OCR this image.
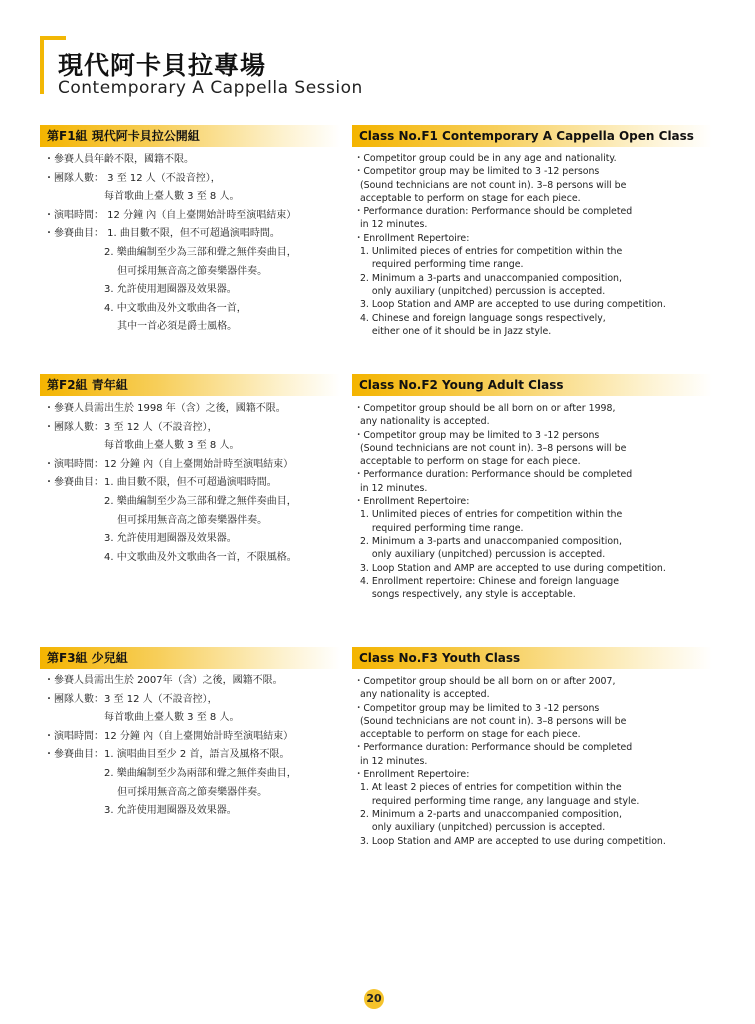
現代阿卡貝拉專場
Contemporary A Cappella Session
第F1組 現代阿卡貝拉公開組	Class No.F1 Contemporary A Cappella Open Class
・參賽人員年齡不限，國籍不限。
・團隊人數： 3 至 12 人（不設音控），
　　　　　　每首歌曲上臺人數 3 至 8 人。
・演唱時間： 12 分鐘 內（自上臺開始計時至演唱結束）
・參賽曲目： 1. 曲目數不限，但不可超過演唱時間。
　　　　　　2. 樂曲編制至少為三部和聲之無伴奏曲目，
　　　　　　　 但可採用無音高之節奏樂器伴奏。
　　　　　　3. 允許使用迴圈器及效果器。
　　　　　　4. 中文歌曲及外文歌曲各一首，
　　　　　　　 其中一首必須是爵士風格。
・Competitor group could be in any age and nationality.
・Competitor group may be limited to 3 -12 persons
(Sound technicians are not count in). 3–8 persons will be
acceptable to perform on stage for each piece.
・Performance duration: Performance should be completed
in 12 minutes.
・Enrollment Repertoire:
1. Unlimited pieces of entries for competition within the
required performing time range.
2. Minimum a 3-parts and unaccompanied composition,
only auxiliary (unpitched) percussion is accepted.
3. Loop Station and AMP are accepted to use during competition.
4. Chinese and foreign language songs respectively,
either one of it should be in Jazz style.
第F2組 青年組	Class No.F2 Young Adult Class
・參賽人員需出生於 1998 年（含）之後，國籍不限。
・團隊人數：3 至 12 人（不設音控），
　　　　　　每首歌曲上臺人數 3 至 8 人。
・演唱時間：12 分鐘 內（自上臺開始計時至演唱結束）
・參賽曲目：1. 曲目數不限，但不可超過演唱時間。
　　　　　　2. 樂曲編制至少為三部和聲之無伴奏曲目，
　　　　　　　 但可採用無音高之節奏樂器伴奏。
　　　　　　3. 允許使用迴圈器及效果器。
　　　　　　4. 中文歌曲及外文歌曲各一首，不限風格。
・Competitor group should be all born on or after 1998,
any nationality is accepted.
・Competitor group may be limited to 3 -12 persons
(Sound technicians are not count in). 3–8 persons will be
acceptable to perform on stage for each piece.
・Performance duration: Performance should be completed
in 12 minutes.
・Enrollment Repertoire:
1. Unlimited pieces of entries for competition within the
required performing time range.
2. Minimum a 3-parts and unaccompanied composition,
only auxiliary (unpitched) percussion is accepted.
3. Loop Station and AMP are accepted to use during competition.
4. Enrollment repertoire: Chinese and foreign language
songs respectively, any style is acceptable.
第F3組 少兒組	Class No.F3 Youth Class
・參賽人員需出生於 2007年（含）之後，國籍不限。
・團隊人數：3 至 12 人（不設音控），
　　　　　　每首歌曲上臺人數 3 至 8 人。
・演唱時間：12 分鐘 內（自上臺開始計時至演唱結束）
・參賽曲目：1. 演唱曲目至少 2 首，語言及風格不限。
　　　　　　2. 樂曲編制至少為兩部和聲之無伴奏曲目，
　　　　　　　 但可採用無音高之節奏樂器伴奏。
　　　　　　3. 允許使用迴圈器及效果器。
・Competitor group should be all born on or after 2007,
any nationality is accepted.
・Competitor group may be limited to 3 -12 persons
(Sound technicians are not count in). 3–8 persons will be
acceptable to perform on stage for each piece.
・Performance duration: Performance should be completed
in 12 minutes.
・Enrollment Repertoire:
1. At least 2 pieces of entries for competition within the
required performing time range, any language and style.
2. Minimum a 2-parts and unaccompanied composition,
only auxiliary (unpitched) percussion is accepted.
3. Loop Station and AMP are accepted to use during competition.
20
